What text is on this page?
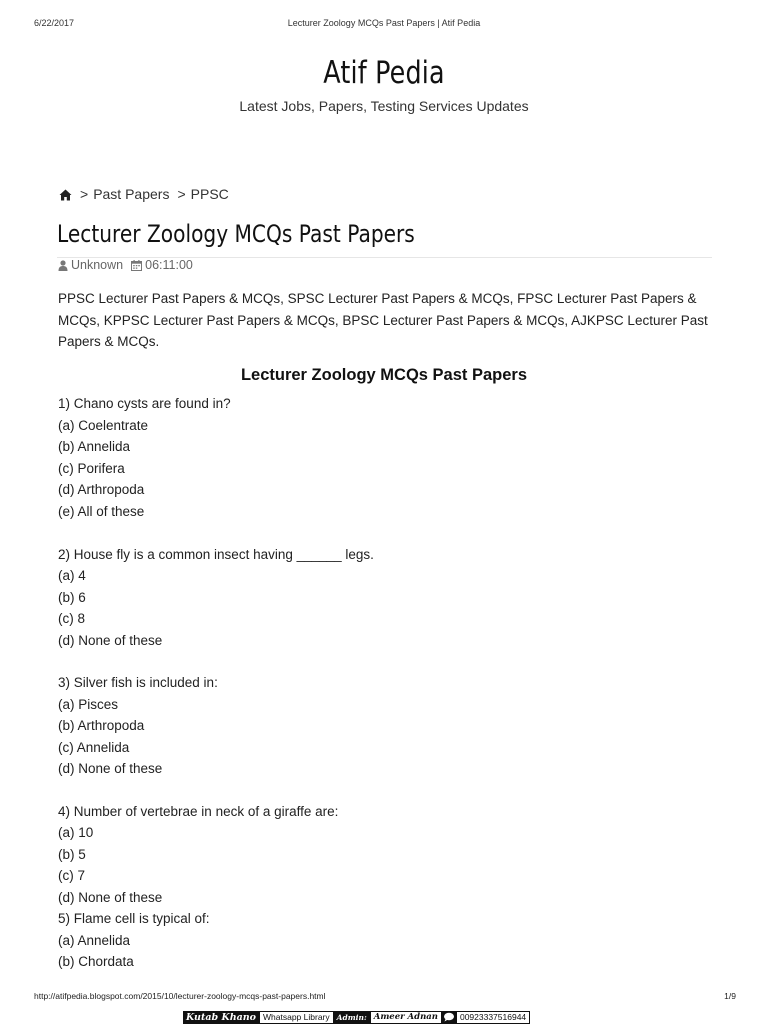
6/22/2017	Lecturer Zoology MCQs Past Papers | Atif Pedia
Atif Pedia
Latest Jobs, Papers, Testing Services Updates
> Past Papers > PPSC
Lecturer Zoology MCQs Past Papers
Unknown 06:11:00

PPSC Lecturer Past Papers & MCQs, SPSC Lecturer Past Papers & MCQs, FPSC Lecturer Past Papers & MCQs, KPPSC Lecturer Past Papers & MCQs, BPSC Lecturer Past Papers & MCQs, AJKPSC Lecturer Past Papers & MCQs.

Lecturer Zoology MCQs Past Papers
1) Chano cysts are found in?
(a) Coelentrate
(b) Annelida
(c) Porifera
(d) Arthropoda
(e) All of these
2) House fly is a common insect having ______ legs.
(a) 4
(b) 6
(c) 8
(d) None of these
3) Silver fish is included in:
(a) Pisces
(b) Arthropoda
(c) Annelida
(d) None of these
4) Number of vertebrae in neck of a giraffe are:
(a) 10
(b) 5
(c) 7
(d) None of these
5) Flame cell is typical of:
(a) Annelida
(b) Chordata
http://atifpedia.blogspot.com/2015/10/lecturer-zoology-mcqs-past-papers.html	1/9
Kutab Khano Whatsapp Library Admin: Ameer Adnan	00923337516944
